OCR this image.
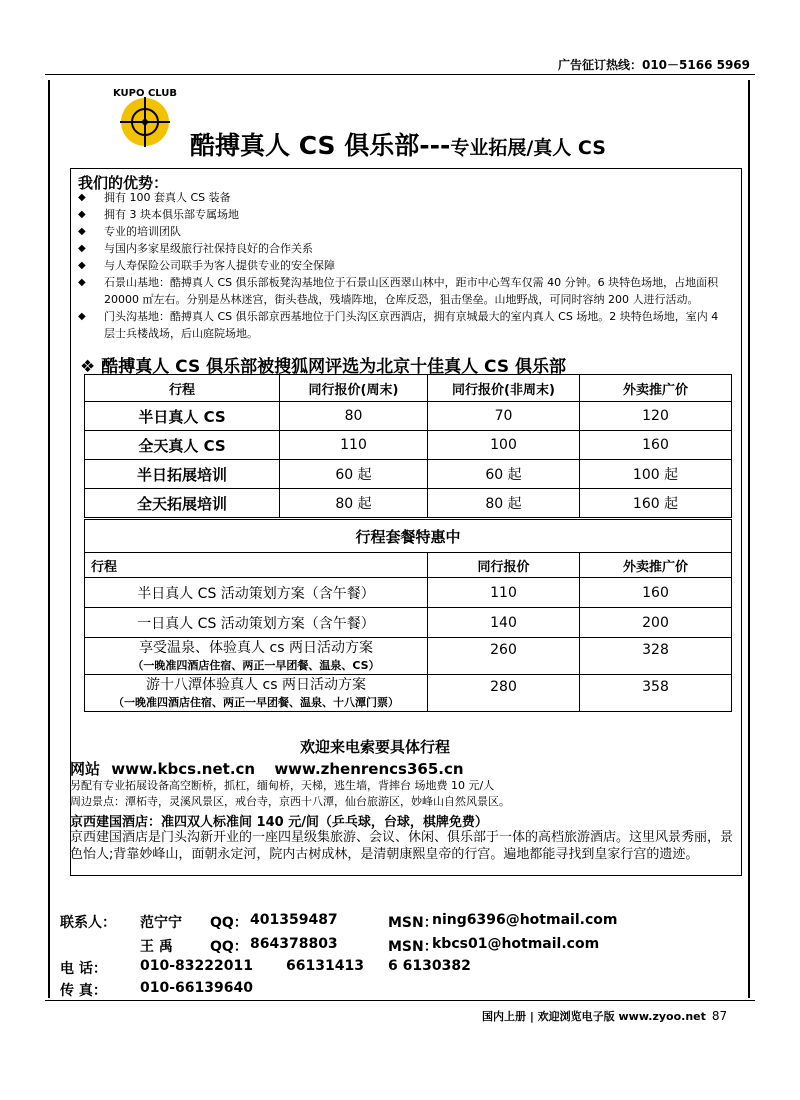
广告征订热线：010－5166 5969
KUPO CLUB
酷搏真人 CS 俱乐部---专业拓展/真人 CS
我们的优势：
◆ 拥有 100 套真人 CS 装备
◆ 拥有 3 块本俱乐部专属场地
◆ 专业的培训团队
◆ 与国内多家星级旅行社保持良好的合作关系
◆ 与人寿保险公司联手为客人提供专业的安全保障
◆ 石景山基地：酷搏真人 CS 俱乐部板凳沟基地位于石景山区西翠山林中，距市中心驾车仅需 40 分钟。6 块特色场地，占地面积 20000 ㎡左右。分别是丛林迷宫，街头巷战，残墙阵地，仓库反恐，狙击堡垒。山地野战，可同时容纳 200 人进行活动。
◆ 门头沟基地：酷搏真人 CS 俱乐部京西基地位于门头沟区京西酒店，拥有京城最大的室内真人 CS 场地。2 块特色场地，室内 4 层士兵楼战场，后山庭院场地。
❖ 酷搏真人 CS 俱乐部被搜狐网评选为北京十佳真人 CS 俱乐部
行程	同行报价(周末)	同行报价(非周末)	外卖推广价
半日真人 CS	80	70	120
全天真人 CS	110	100	160
半日拓展培训	60 起	60 起	100 起
全天拓展培训	80 起	80 起	160 起
行程套餐特惠中		
行程	同行报价	外卖推广价
半日真人 CS 活动策划方案（含午餐）	110	160
一日真人 CS 活动策划方案（含午餐）	140	200
享受温泉、体验真人 cs 两日活动方案
（一晚准四酒店住宿、两正一早团餐、温泉、CS）	260	328
游十八潭体验真人 cs 两日活动方案
（一晚准四酒店住宿、两正一早团餐、温泉、十八潭门票）	280	358
欢迎来电索要具体行程
网站 www.kbcs.net.cn www.zhenrencs365.cn
另配有专业拓展设备高空断桥，抓杠，缅甸桥，天梯，逃生墙，背摔台 场地费 10 元/人
周边景点：潭柘寺，灵溪风景区，戒台寺，京西十八潭，仙台旅游区，妙峰山自然风景区。
京西建国酒店：准四双人标准间 140 元/间（乒乓球，台球，棋牌免费）
京西建国酒店是门头沟新开业的一座四星级集旅游、会议、休闲、俱乐部于一体的高档旅游酒店。这里风景秀丽，景色怡人;背靠妙峰山，面朝永定河，院内古树成林，是清朝康熙皇帝的行宫。遍地都能寻找到皇家行宫的遗迹。
联系人： 范宁宁 QQ： 401359487	MSN：
ning6396@hotmail.com
王 禹	QQ： 864378803	MSN：
kbcs01@hotmail.com
电 话： 010-83222011 66131413 6 6130382
传 真： 010-66139640
国内上册 | 欢迎浏览电子版 www.zyoo.net 87
